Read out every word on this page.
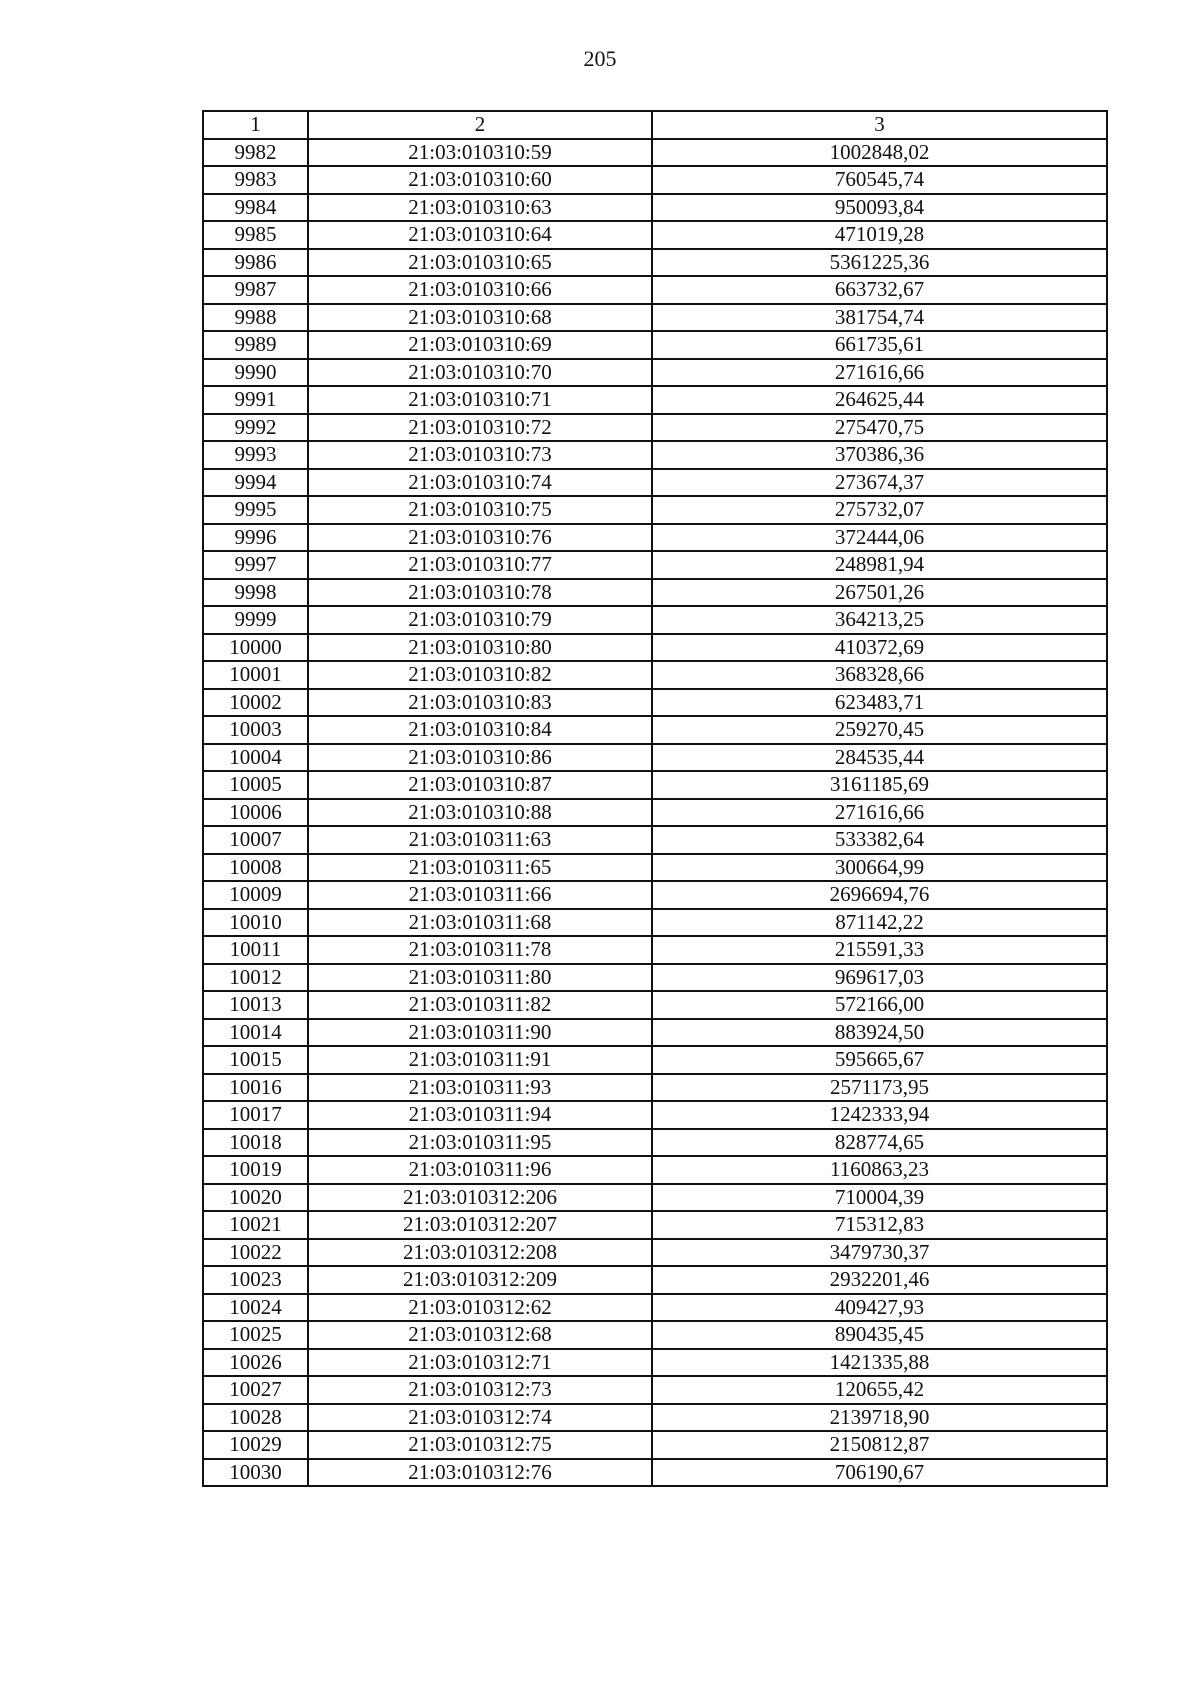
205
1	2	3
9982	21:03:010310:59	1002848,02
9983	21:03:010310:60	760545,74
9984	21:03:010310:63	950093,84
9985	21:03:010310:64	471019,28
9986	21:03:010310:65	5361225,36
9987	21:03:010310:66	663732,67
9988	21:03:010310:68	381754,74
9989	21:03:010310:69	661735,61
9990	21:03:010310:70	271616,66
9991	21:03:010310:71	264625,44
9992	21:03:010310:72	275470,75
9993	21:03:010310:73	370386,36
9994	21:03:010310:74	273674,37
9995	21:03:010310:75	275732,07
9996	21:03:010310:76	372444,06
9997	21:03:010310:77	248981,94
9998	21:03:010310:78	267501,26
9999	21:03:010310:79	364213,25
10000	21:03:010310:80	410372,69
10001	21:03:010310:82	368328,66
10002	21:03:010310:83	623483,71
10003	21:03:010310:84	259270,45
10004	21:03:010310:86	284535,44
10005	21:03:010310:87	3161185,69
10006	21:03:010310:88	271616,66
10007	21:03:010311:63	533382,64
10008	21:03:010311:65	300664,99
10009	21:03:010311:66	2696694,76
10010	21:03:010311:68	871142,22
10011	21:03:010311:78	215591,33
10012	21:03:010311:80	969617,03
10013	21:03:010311:82	572166,00
10014	21:03:010311:90	883924,50
10015	21:03:010311:91	595665,67
10016	21:03:010311:93	2571173,95
10017	21:03:010311:94	1242333,94
10018	21:03:010311:95	828774,65
10019	21:03:010311:96	1160863,23
10020	21:03:010312:206	710004,39
10021	21:03:010312:207	715312,83
10022	21:03:010312:208	3479730,37
10023	21:03:010312:209	2932201,46
10024	21:03:010312:62	409427,93
10025	21:03:010312:68	890435,45
10026	21:03:010312:71	1421335,88
10027	21:03:010312:73	120655,42
10028	21:03:010312:74	2139718,90
10029	21:03:010312:75	2150812,87
10030	21:03:010312:76	706190,67
